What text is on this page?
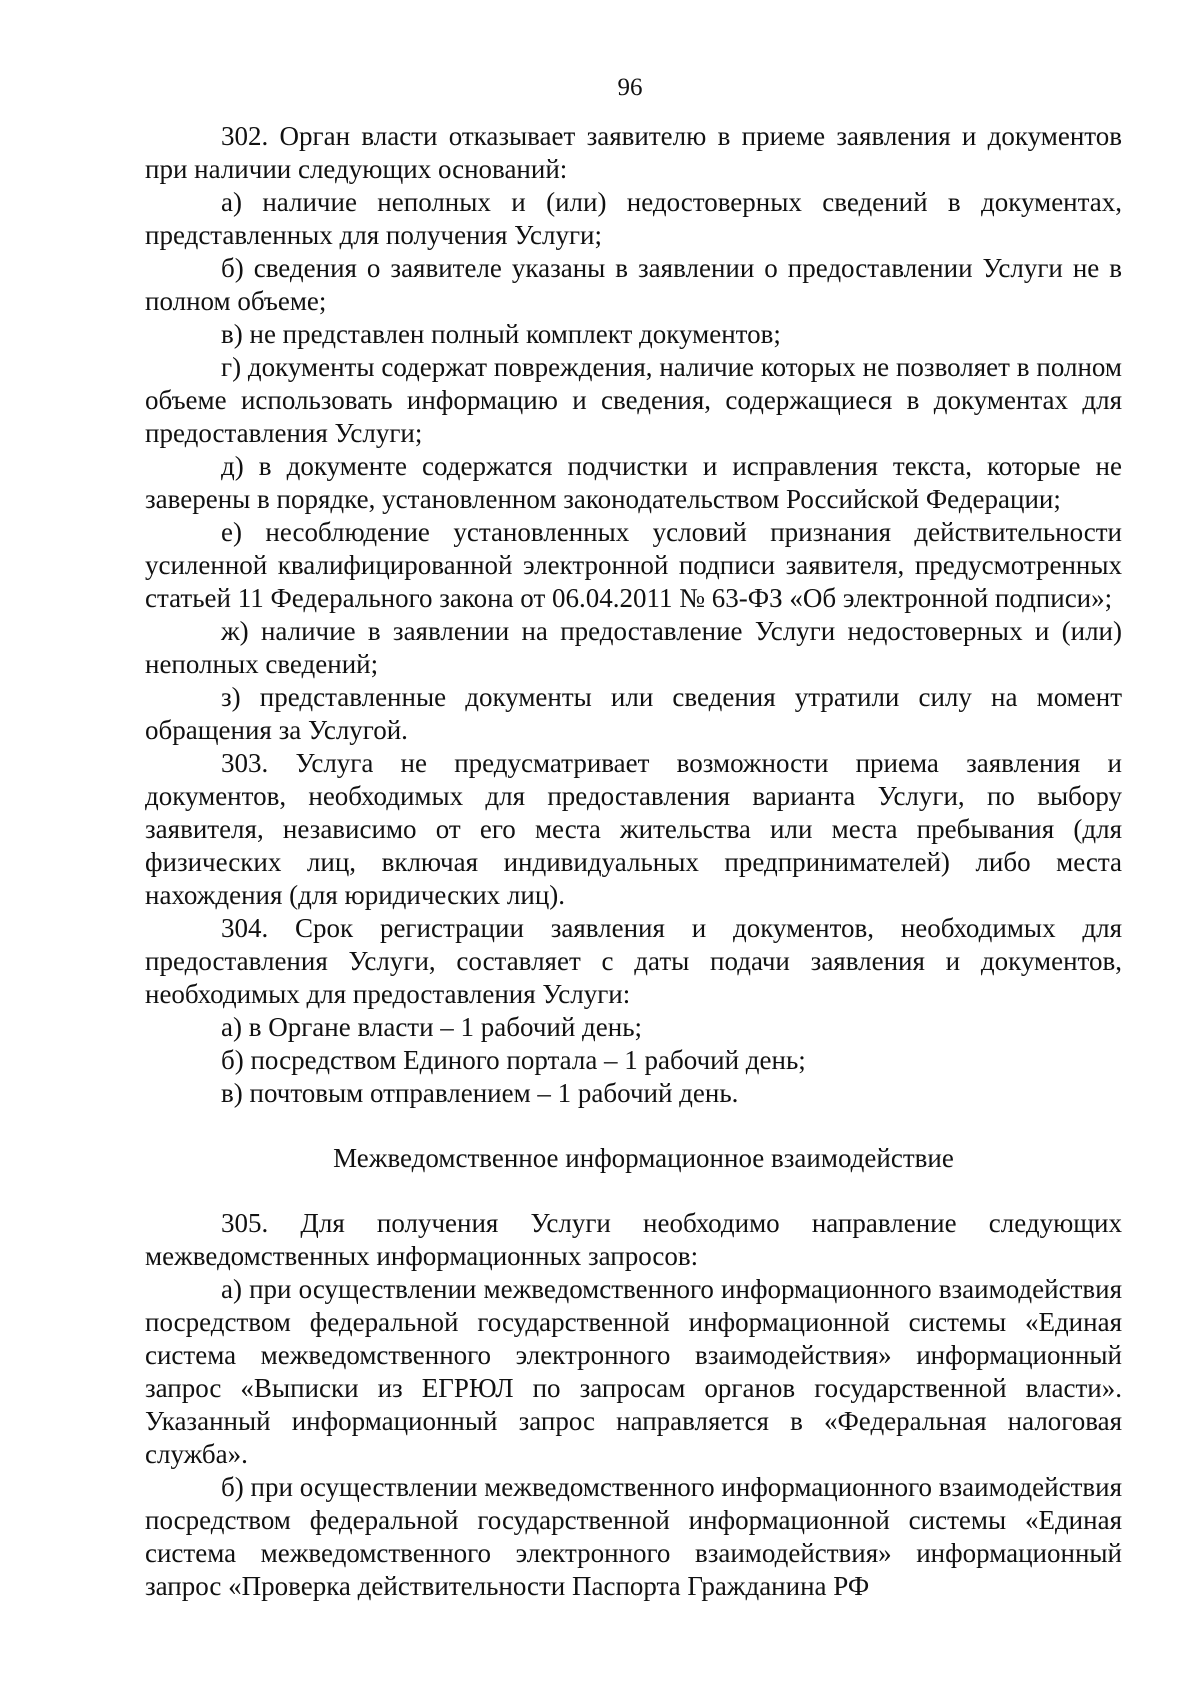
96

302. Орган власти отказывает заявителю в приеме заявления и документов при наличии следующих оснований:

а) наличие неполных и (или) недостоверных сведений в документах, представленных для получения Услуги;

б) сведения о заявителе указаны в заявлении о предоставлении Услуги не в полном объеме;

в) не представлен полный комплект документов;

г) документы содержат повреждения, наличие которых не позволяет в полном объеме использовать информацию и сведения, содержащиеся в документах для предоставления Услуги;

д) в документе содержатся подчистки и исправления текста, которые не заверены в порядке, установленном законодательством Российской Федерации;

е) несоблюдение установленных условий признания действительности усиленной квалифицированной электронной подписи заявителя, предусмотренных статьей 11 Федерального закона от 06.04.2011 № 63-ФЗ «Об электронной подписи»;

ж) наличие в заявлении на предоставление Услуги недостоверных и (или) неполных сведений;

з) представленные документы или сведения утратили силу на момент обращения за Услугой.

303. Услуга не предусматривает возможности приема заявления и документов, необходимых для предоставления варианта Услуги, по выбору заявителя, независимо от его места жительства или места пребывания (для физических лиц, включая индивидуальных предпринимателей) либо места нахождения (для юридических лиц).

304. Срок регистрации заявления и документов, необходимых для предоставления Услуги, составляет с даты подачи заявления и документов, необходимых для предоставления Услуги:

а) в Органе власти – 1 рабочий день;

б) посредством Единого портала – 1 рабочий день;

в) почтовым отправлением – 1 рабочий день.

Межведомственное информационное взаимодействие

305. Для получения Услуги необходимо направление следующих межведомственных информационных запросов:

а) при осуществлении межведомственного информационного взаимодействия посредством федеральной государственной информационной системы «Единая система межведомственного электронного взаимодействия» информационный запрос «Выписки из ЕГРЮЛ по запросам органов государственной власти». Указанный информационный запрос направляется в «Федеральная налоговая служба».

б) при осуществлении межведомственного информационного взаимодействия посредством федеральной государственной информационной системы «Единая система межведомственного электронного взаимодействия» информационный запрос «Проверка действительности Паспорта Гражданина РФ
